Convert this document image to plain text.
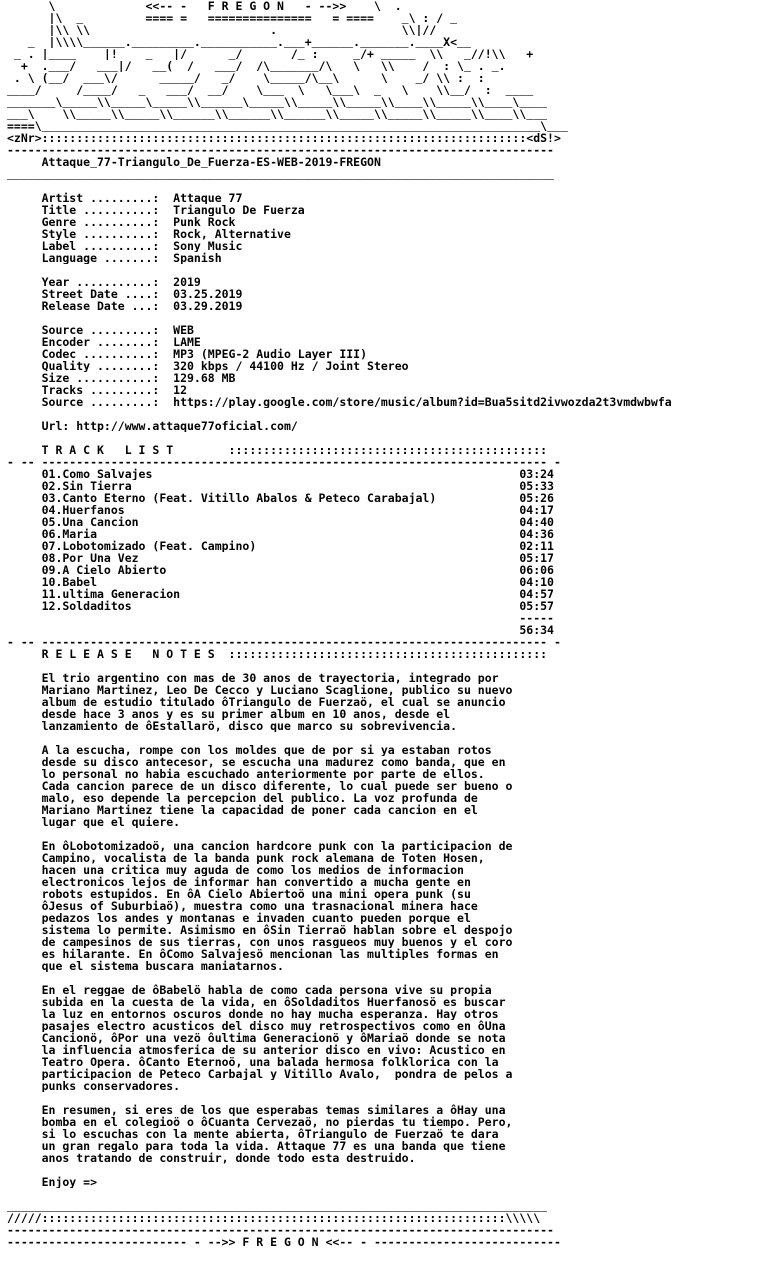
\             <<-- -   F R E G O N   - -->>    \  .
|\  _         ==== =   ===============   = ====    _\ : / _
|\\ \\                          .                  \\|//
_  |\\\\______._________.___________.___+______._______.____X<__
_ . |____    |!    _   |/      _/       /_ :     _/+ _____  \\   _//!\\   +
+  .___/   ___|/   __(  /   ___/  /\_______/\   \   \\    /  : \_ . _.
. \ (__/  ___\/      _____/   _/    \_____/\__\      \    _/ \\ :  :
____/     /____/   _   ___/  __/    \___  \   \___\  _   \    \\__/  :  ____
_______\_____\\_____\_____\\______\_____\\_____\\_____\\____\\_____\\____\____
___\    \\_____\\_____\\______\\______\\______\\_____\\_____\\_____\\____\\___
====\________________________________________________________________________\___
<zNr>::::::::::::::::::::::::::::::::::::::::::::::::::::::::::::::::::::::<dS!>
-------------------------------------------------------------------------------
Attaque_77-Triangulo_De_Fuerza-ES-WEB-2019-FREGON
_______________________________________________________________________________

Artist .........:  Attaque 77
Title ..........:  Triangulo De Fuerza
Genre ..........:  Punk Rock
Style ..........:  Rock, Alternative
Label ..........:  Sony Music
Language .......:  Spanish

Year ...........:  2019
Street Date ....:  03.25.2019
Release Date ...:  03.29.2019

Source .........:  WEB
Encoder ........:  LAME
Codec ..........:  MP3 (MPEG-2 Audio Layer III)
Quality ........:  320 kbps / 44100 Hz / Joint Stereo
Size ...........:  129.68 MB
Tracks .........:  12
Source .........:  https://play.google.com/store/music/album?id=Bua5sitd2ivwozda2t3vmdwbwfa

Url: http://www.attaque77oficial.com/

T R A C K   L I S T        ::::::::::::::::::::::::::::::::::::::::::::::
- -- ------------------------------------------------------------------------- -
01.Como Salvajes                                                     03:24
02.Sin Tierra                                                        05:33
03.Canto Eterno (Feat. Vitillo Abalos & Peteco Carabajal)            05:26
04.Huerfanos                                                         04:17
05.Una Cancion                                                       04:40
06.Maria                                                             04:36
07.Lobotomizado (Feat. Campino)                                      02:11
08.Por Una Vez                                                       05:17
09.A Cielo Abierto                                                   06:06
10.Babel                                                             04:10
11.ultima Generacion                                                 04:57
12.Soldaditos                                                        05:57
-----
56:34
- -- ------------------------------------------------------------------------- -
R E L E A S E   N O T E S  ::::::::::::::::::::::::::::::::::::::::::::::

El trio argentino con mas de 30 anos de trayectoria, integrado por
Mariano Martinez, Leo De Cecco y Luciano Scaglione, publico su nuevo
album de estudio titulado ôTriangulo de Fuerzaö, el cual se anuncio
desde hace 3 anos y es su primer album en 10 anos, desde el
lanzamiento de ôEstallarö, disco que marco su sobrevivencia.

A la escucha, rompe con los moldes que de por si ya estaban rotos
desde su disco antecesor, se escucha una madurez como banda, que en
lo personal no habia escuchado anteriormente por parte de ellos.
Cada cancion parece de un disco diferente, lo cual puede ser bueno o
malo, eso depende la percepcion del publico. La voz profunda de
Mariano Martinez tiene la capacidad de poner cada cancion en el
lugar que el quiere.

En ôLobotomizadoö, una cancion hardcore punk con la participacion de
Campino, vocalista de la banda punk rock alemana de Toten Hosen,
hacen una critica muy aguda de como los medios de informacion
electronicos lejos de informar han convertido a mucha gente en
robots estupidos. En ôA Cielo Abiertoö una mini opera punk (su
ôJesus of Suburbiaö), muestra como una trasnacional minera hace
pedazos los andes y montanas e invaden cuanto pueden porque el
sistema lo permite. Asimismo en ôSin Tierraö hablan sobre el despojo
de campesinos de sus tierras, con unos rasgueos muy buenos y el coro
es hilarante. En ôComo Salvajesö mencionan las multiples formas en
que el sistema buscara maniatarnos.

En el reggae de ôBabelö habla de como cada persona vive su propia
subida en la cuesta de la vida, en ôSoldaditos Huerfanosö es buscar
la luz en entornos oscuros donde no hay mucha esperanza. Hay otros
pasajes electro acusticos del disco muy retrospectivos como en ôUna
Cancionö, ôPor una vezö ôultima Generacionö y ôMariaö donde se nota
la influencia atmosferica de su anterior disco en vivo: Acustico en
Teatro Opera. ôCanto Eternoö, una balada hermosa folklorica con la
participacion de Peteco Carbajal y Vitillo Avalo,  pondra de pelos a
punks conservadores.

En resumen, si eres de los que esperabas temas similares a ôHay una
bomba en el colegioö o ôCuanta Cervezaö, no pierdas tu tiempo. Pero,
si lo escuchas con la mente abierta, ôTriangulo de Fuerzaö te dara
un gran regalo para toda la vida. Attaque 77 es una banda que tiene
anos tratando de construir, donde todo esta destruido.

Enjoy =>

______________________________________________________________________________
/////:::::::::::::::::::::::::::::::::::::::::::::::::::::::::::::::::::\\\\\
-------------------------------------------------------------------------------
-------------------------- - -->> F R E G O N <<-- - ---------------------------
